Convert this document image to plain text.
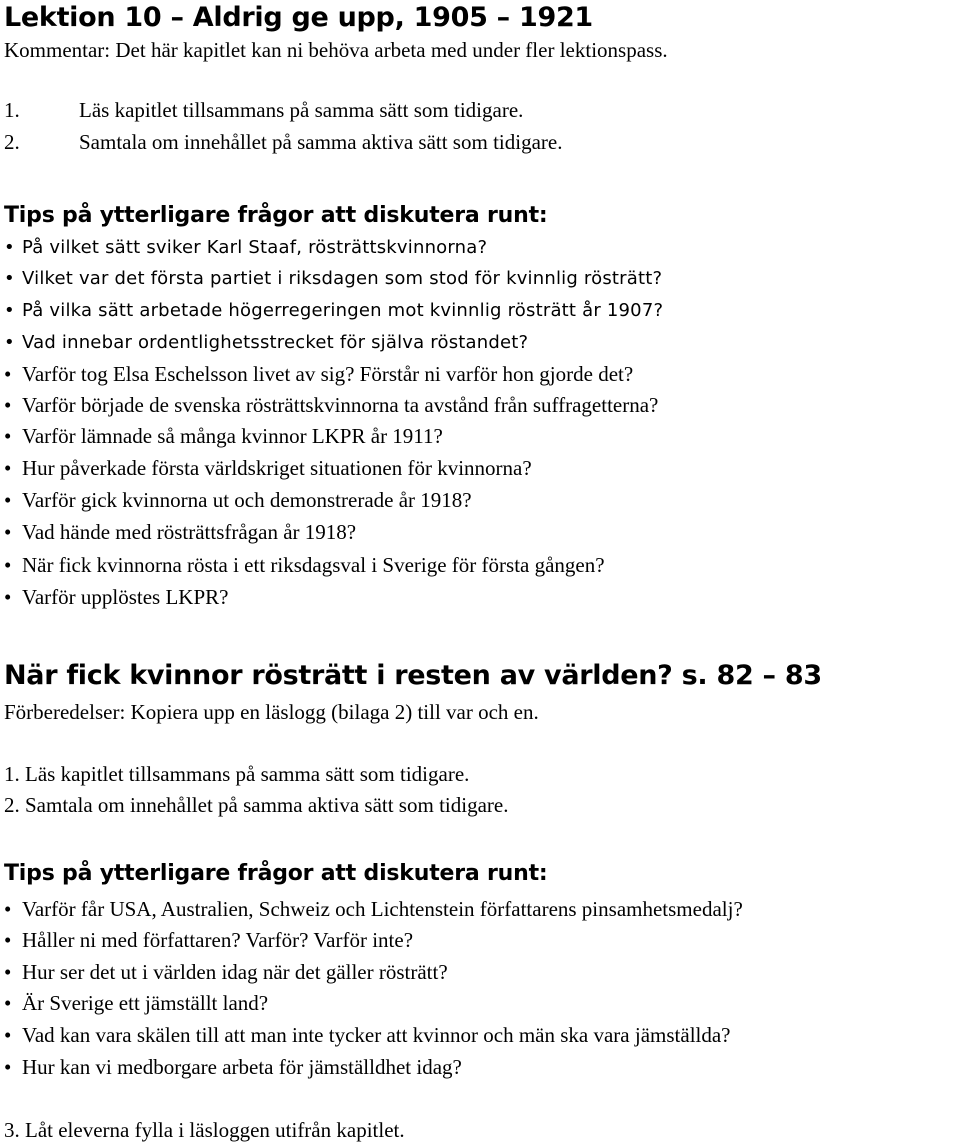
Lektion 10 – Aldrig ge upp, 1905 – 1921
Kommentar: Det här kapitlet kan ni behöva arbeta med under fler lektionspass.
1.	Läs kapitlet tillsammans på samma sätt som tidigare.
2.	Samtala om innehållet på samma aktiva sätt som tidigare.
Tips på ytterligare frågor att diskutera runt:
• På vilket sätt sviker Karl Staaf, rösträttskvinnorna?
• Vilket var det första partiet i riksdagen som stod för kvinnlig rösträtt?
• På vilka sätt arbetade högerregeringen mot kvinnlig rösträtt år 1907?
• Vad innebar ordentlighetsstrecket för själva röstandet?
• Varför tog Elsa Eschelsson livet av sig? Förstår ni varför hon gjorde det?
• Varför började de svenska rösträttskvinnorna ta avstånd från suffragetterna?
• Varför lämnade så många kvinnor LKPR år 1911?
• Hur påverkade första världskriget situationen för kvinnorna?
• Varför gick kvinnorna ut och demonstrerade år 1918?
• Vad hände med rösträttsfrågan år 1918?
• När fick kvinnorna rösta i ett riksdagsval i Sverige för första gången?
• Varför upplöstes LKPR?
När fick kvinnor rösträtt i resten av världen? s. 82 – 83
Förberedelser: Kopiera upp en läslogg (bilaga 2) till var och en.
1. Läs kapitlet tillsammans på samma sätt som tidigare.
2. Samtala om innehållet på samma aktiva sätt som tidigare.
Tips på ytterligare frågor att diskutera runt:
• Varför får USA, Australien, Schweiz och Lichtenstein författarens pinsamhetsmedalj?
• Håller ni med författaren? Varför? Varför inte?
• Hur ser det ut i världen idag när det gäller rösträtt?
• Är Sverige ett jämställt land?
• Vad kan vara skälen till att man inte tycker att kvinnor och män ska vara jämställda?
• Hur kan vi medborgare arbeta för jämställdhet idag?
3. Låt eleverna fylla i läsloggen utifrån kapitlet.
